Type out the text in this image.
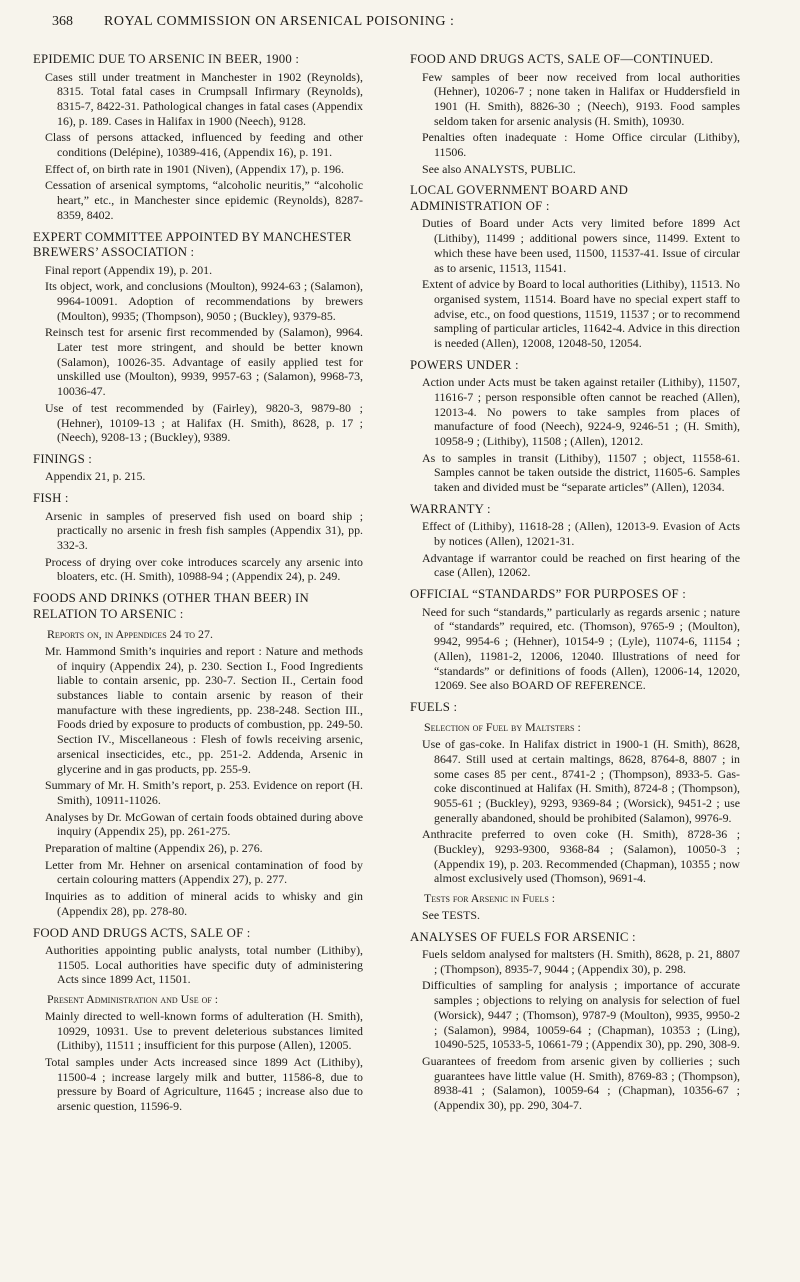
368 ROYAL COMMISSION ON ARSENICAL POISONING :
EPIDEMIC DUE TO ARSENIC IN BEER, 1900 :
Cases still under treatment in Manchester in 1902 (Reynolds), 8315. Total fatal cases in Crumpsall Infirmary (Reynolds), 8315-7, 8422-31. Pathological changes in fatal cases (Appendix 16), p. 189. Cases in Halifax in 1900 (Neech), 9128.
Class of persons attacked, influenced by feeding and other conditions (Delépine), 10389-416, (Appendix 16), p. 191.
Effect of, on birth rate in 1901 (Niven), (Appendix 17), p. 196.
Cessation of arsenical symptoms, “alcoholic neuritis,” “alcoholic heart,” etc., in Manchester since epidemic (Reynolds), 8287-8359, 8402.
EXPERT COMMITTEE APPOINTED BY MANCHESTER BREWERS’ ASSOCIATION :
Final report (Appendix 19), p. 201.
Its object, work, and conclusions (Moulton), 9924-63 ; (Salamon), 9964-10091. Adoption of recommendations by brewers (Moulton), 9935; (Thompson), 9050 ; (Buckley), 9379-85.
Reinsch test for arsenic first recommended by (Salamon), 9964. Later test more stringent, and should be better known (Salamon), 10026-35. Advantage of easily applied test for unskilled use (Moulton), 9939, 9957-63 ; (Salamon), 9968-73, 10036-47.
Use of test recommended by (Fairley), 9820-3, 9879-80 ; (Hehner), 10109-13 ; at Halifax (H. Smith), 8628, p. 17 ; (Neech), 9208-13 ; (Buckley), 9389.
FININGS :
Appendix 21, p. 215.
FISH :
Arsenic in samples of preserved fish used on board ship ; practically no arsenic in fresh fish samples (Appendix 31), pp. 332-3.
Process of drying over coke introduces scarcely any arsenic into bloaters, etc. (H. Smith), 10988-94 ; (Appendix 24), p. 249.
FOODS AND DRINKS (OTHER THAN BEER) IN RELATION TO ARSENIC :
Reports on, in Appendices 24 to 27.
Mr. Hammond Smith’s inquiries and report : Nature and methods of inquiry (Appendix 24), p. 230. Section I., Food Ingredients liable to contain arsenic, pp. 230-7. Section II., Certain food substances liable to contain arsenic by reason of their manufacture with these ingredients, pp. 238-248. Section III., Foods dried by exposure to products of combustion, pp. 249-50. Section IV., Miscellaneous : Flesh of fowls receiving arsenic, arsenical insecticides, etc., pp. 251-2. Addenda, Arsenic in glycerine and in gas products, pp. 255-9.
Summary of Mr. H. Smith’s report, p. 253. Evidence on report (H. Smith), 10911-11026.
Analyses by Dr. McGowan of certain foods obtained during above inquiry (Appendix 25), pp. 261-275.
Preparation of maltine (Appendix 26), p. 276.
Letter from Mr. Hehner on arsenical contamination of food by certain colouring matters (Appendix 27), p. 277.
Inquiries as to addition of mineral acids to whisky and gin (Appendix 28), pp. 278-80.
FOOD AND DRUGS ACTS, SALE OF :
Authorities appointing public analysts, total number (Lithiby), 11505. Local authorities have specific duty of administering Acts since 1899 Act, 11501.
Present Administration and Use of :
Mainly directed to well-known forms of adulteration (H. Smith), 10929, 10931. Use to prevent deleterious substances limited (Lithiby), 11511 ; insufficient for this purpose (Allen), 12005.
Total samples under Acts increased since 1899 Act (Lithiby), 11500-4 ; increase largely milk and butter, 11586-8, due to pressure by Board of Agriculture, 11645 ; increase also due to arsenic question, 11596-9.
FOOD AND DRUGS ACTS, SALE OF—CONTINUED.
Few samples of beer now received from local authorities (Hehner), 10206-7 ; none taken in Halifax or Huddersfield in 1901 (H. Smith), 8826-30 ; (Neech), 9193. Food samples seldom taken for arsenic analysis (H. Smith), 10930.
Penalties often inadequate : Home Office circular (Lithiby), 11506.
See also ANALYSTS, PUBLIC.
LOCAL GOVERNMENT BOARD AND ADMINISTRATION OF :
Duties of Board under Acts very limited before 1899 Act (Lithiby), 11499 ; additional powers since, 11499. Extent to which these have been used, 11500, 11537-41. Issue of circular as to arsenic, 11513, 11541.
Extent of advice by Board to local authorities (Lithiby), 11513. No organised system, 11514. Board have no special expert staff to advise, etc., on food questions, 11519, 11537 ; or to recommend sampling of particular articles, 11642-4. Advice in this direction is needed (Allen), 12008, 12048-50, 12054.
POWERS UNDER :
Action under Acts must be taken against retailer (Lithiby), 11507, 11616-7 ; person responsible often cannot be reached (Allen), 12013-4. No powers to take samples from places of manufacture of food (Neech), 9224-9, 9246-51 ; (H. Smith), 10958-9 ; (Lithiby), 11508 ; (Allen), 12012.
As to samples in transit (Lithiby), 11507 ; object, 11558-61. Samples cannot be taken outside the district, 11605-6. Samples taken and divided must be “separate articles” (Allen), 12034.
WARRANTY :
Effect of (Lithiby), 11618-28 ; (Allen), 12013-9. Evasion of Acts by notices (Allen), 12021-31.
Advantage if warrantor could be reached on first hearing of the case (Allen), 12062.
OFFICIAL “STANDARDS” FOR PURPOSES OF :
Need for such “standards,” particularly as regards arsenic ; nature of “standards” required, etc. (Thomson), 9765-9 ; (Moulton), 9942, 9954-6 ; (Hehner), 10154-9 ; (Lyle), 11074-6, 11154 ; (Allen), 11981-2, 12006, 12040. Illustrations of need for “standards” or definitions of foods (Allen), 12006-14, 12020, 12069. See also BOARD OF REFERENCE.
FUELS :
Selection of Fuel by Maltsters :
Use of gas-coke. In Halifax district in 1900-1 (H. Smith), 8628, 8647. Still used at certain maltings, 8628, 8764-8, 8807 ; in some cases 85 per cent., 8741-2 ; (Thompson), 8933-5. Gas-coke discontinued at Halifax (H. Smith), 8724-8 ; (Thompson), 9055-61 ; (Buckley), 9293, 9369-84 ; (Worsick), 9451-2 ; use generally abandoned, should be prohibited (Salamon), 9976-9.
Anthracite preferred to oven coke (H. Smith), 8728-36 ; (Buckley), 9293-9300, 9368-84 ; (Salamon), 10050-3 ; (Appendix 19), p. 203. Recommended (Chapman), 10355 ; now almost exclusively used (Thomson), 9691-4.
Tests for Arsenic in Fuels :
See TESTS.
ANALYSES OF FUELS FOR ARSENIC :
Fuels seldom analysed for maltsters (H. Smith), 8628, p. 21, 8807 ; (Thompson), 8935-7, 9044 ; (Appendix 30), p. 298.
Difficulties of sampling for analysis ; importance of accurate samples ; objections to relying on analysis for selection of fuel (Worsick), 9447 ; (Thomson), 9787-9 (Moulton), 9935, 9950-2 ; (Salamon), 9984, 10059-64 ; (Chapman), 10353 ; (Ling), 10490-525, 10533-5, 10661-79 ; (Appendix 30), pp. 290, 308-9.
Guarantees of freedom from arsenic given by collieries ; such guarantees have little value (H. Smith), 8769-83 ; (Thompson), 8938-41 ; (Salamon), 10059-64 ; (Chapman), 10356-67 ; (Appendix 30), pp. 290, 304-7.
